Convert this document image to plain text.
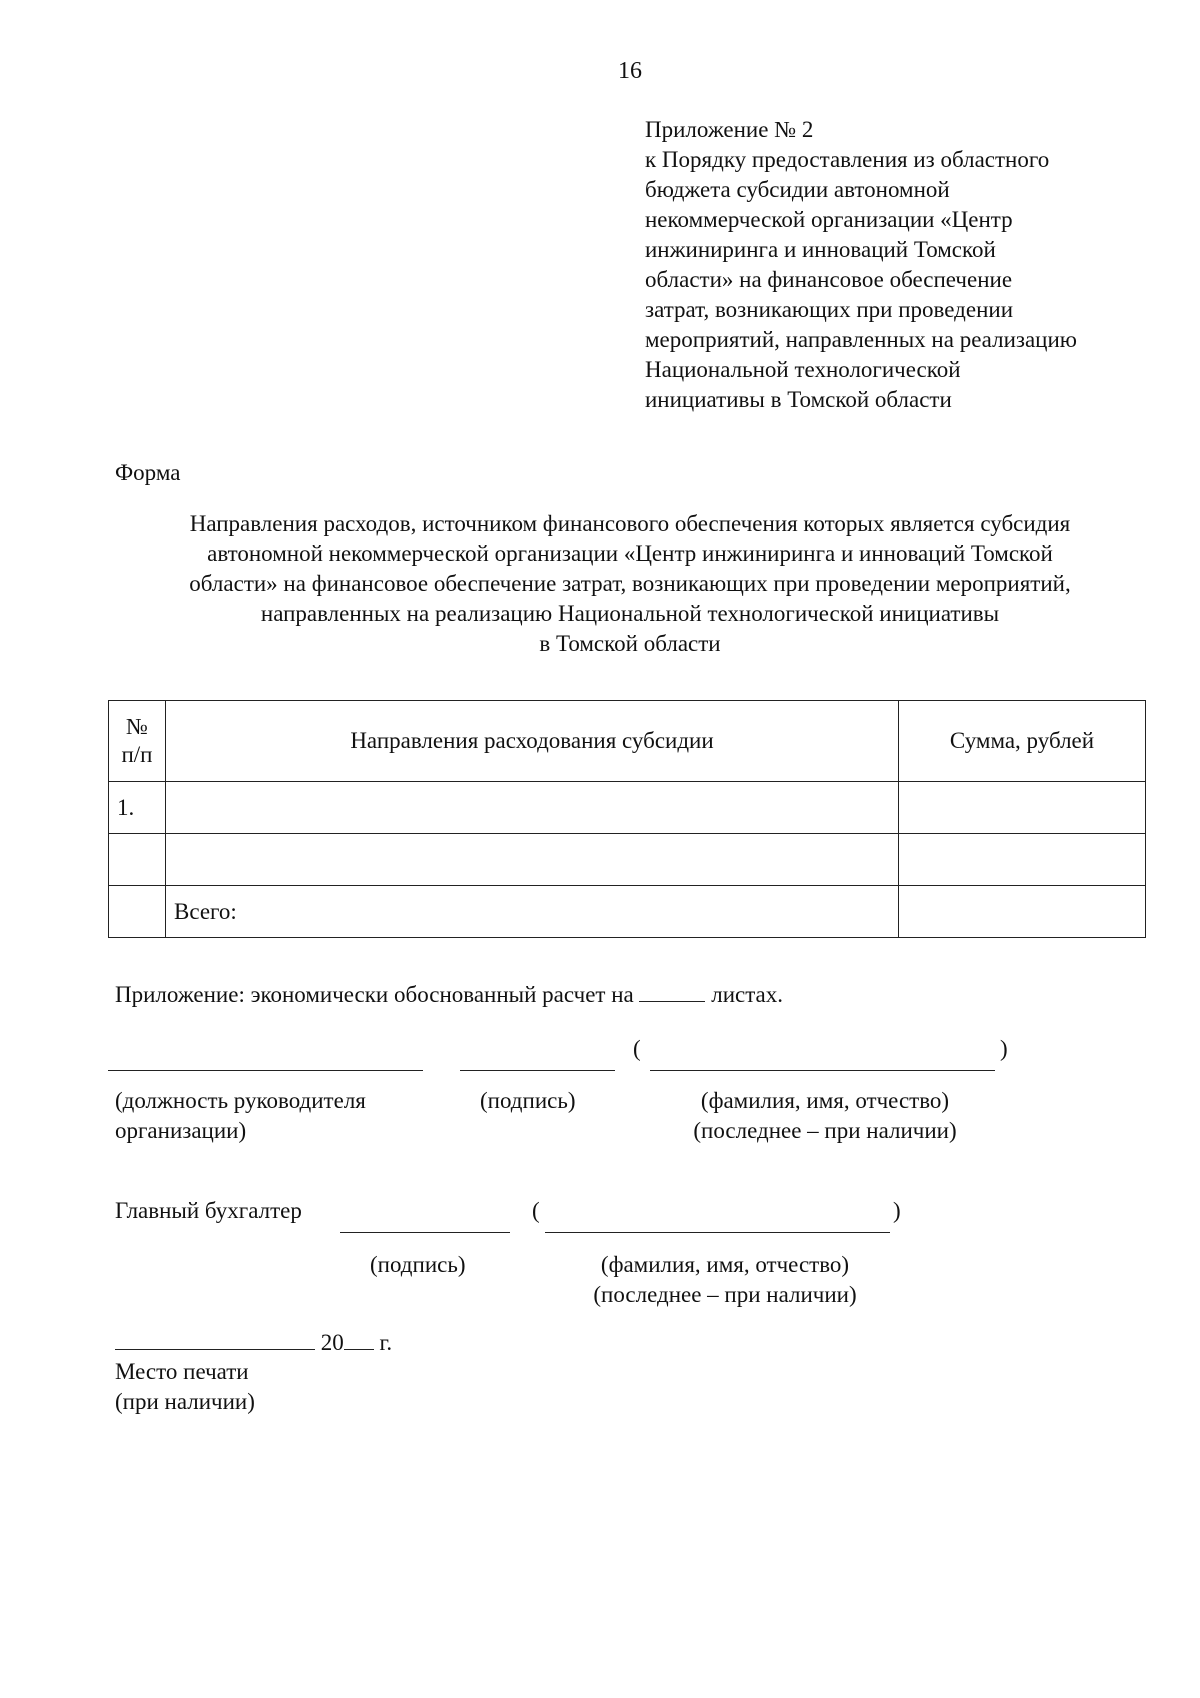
16
Приложение № 2
к Порядку предоставления из областного
бюджета субсидии автономной
некоммерческой организации «Центр
инжиниринга и инноваций Томской
области» на финансовое обеспечение
затрат, возникающих при проведении
мероприятий, направленных на реализацию
Национальной технологической
инициативы в Томской области
Форма
Направления расходов, источником финансового обеспечения которых является субсидия
автономной некоммерческой организации «Центр инжиниринга и инноваций Томской
области» на финансовое обеспечение затрат, возникающих при проведении мероприятий,
направленных на реализацию Национальной технологической инициативы
в Томской области
№
п/п	Направления расходования субсидии	Сумма, рублей
1.		

	Всего:	
Приложение: экономически обоснованный расчет на	листах.
(	)
(должность руководителя
организации)
(подпись)	(фамилия, имя, отчество)
(последнее – при наличии)
Главный бухгалтер	(	)
(подпись)	(фамилия, имя, отчество)
(последнее – при наличии)
20 г.
Место печати
(при наличии)
